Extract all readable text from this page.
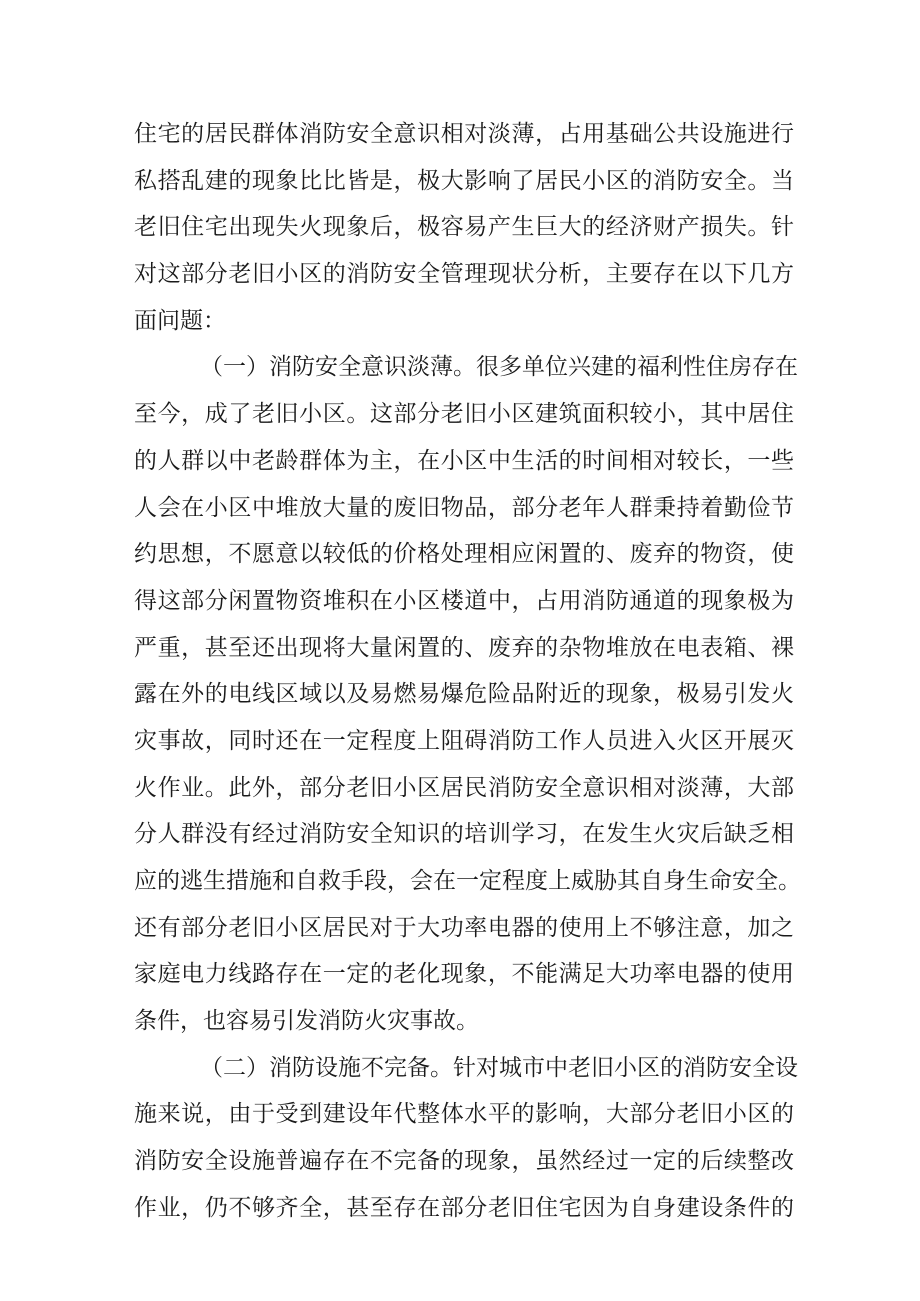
住宅的居民群体消防安全意识相对淡薄，占用基础公共设施进行
私搭乱建的现象比比皆是，极大影响了居民小区的消防安全。当
老旧住宅出现失火现象后，极容易产生巨大的经济财产损失。针
对这部分老旧小区的消防安全管理现状分析，主要存在以下几方
面问题：
（一）消防安全意识淡薄。很多单位兴建的福利性住房存在
至今，成了老旧小区。这部分老旧小区建筑面积较小，其中居住
的人群以中老龄群体为主，在小区中生活的时间相对较长，一些
人会在小区中堆放大量的废旧物品，部分老年人群秉持着勤俭节
约思想，不愿意以较低的价格处理相应闲置的、废弃的物资，使
得这部分闲置物资堆积在小区楼道中，占用消防通道的现象极为
严重，甚至还出现将大量闲置的、废弃的杂物堆放在电表箱、裸
露在外的电线区域以及易燃易爆危险品附近的现象，极易引发火
灾事故，同时还在一定程度上阻碍消防工作人员进入火区开展灭
火作业。此外，部分老旧小区居民消防安全意识相对淡薄，大部
分人群没有经过消防安全知识的培训学习，在发生火灾后缺乏相
应的逃生措施和自救手段，会在一定程度上威胁其自身生命安全。
还有部分老旧小区居民对于大功率电器的使用上不够注意，加之
家庭电力线路存在一定的老化现象，不能满足大功率电器的使用
条件，也容易引发消防火灾事故。
（二）消防设施不完备。针对城市中老旧小区的消防安全设
施来说，由于受到建设年代整体水平的影响，大部分老旧小区的
消防安全设施普遍存在不完备的现象，虽然经过一定的后续整改
作业，仍不够齐全，甚至存在部分老旧住宅因为自身建设条件的
